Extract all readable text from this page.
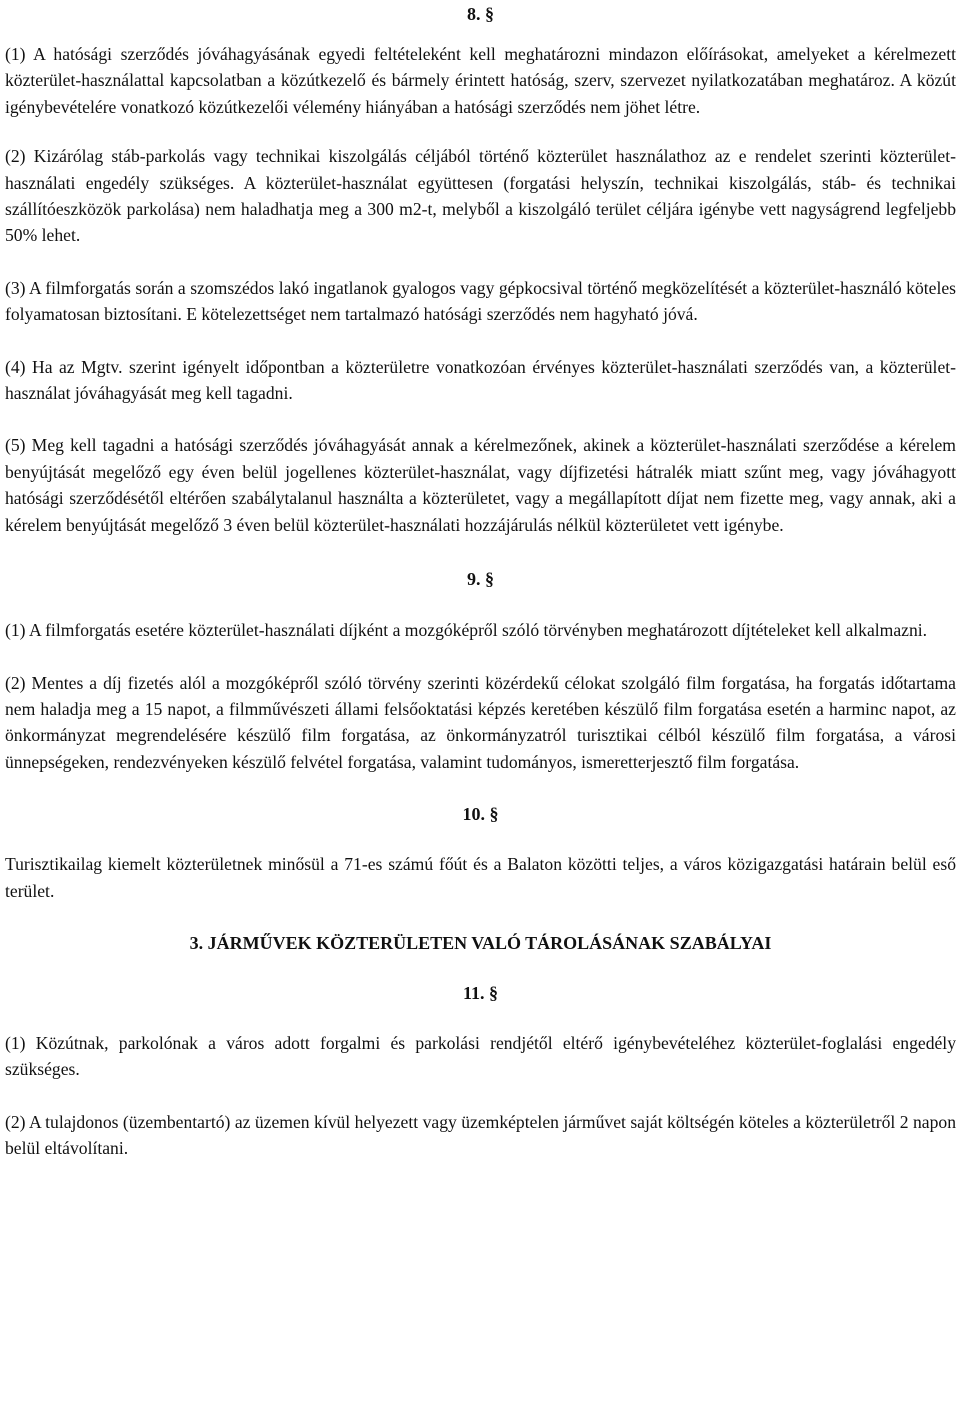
8. §

(1) A hatósági szerződés jóváhagyásának egyedi feltételeként kell meghatározni mindazon előírásokat, amelyeket a kérelmezett közterület-használattal kapcsolatban a közútkezelő és bármely érintett hatóság, szerv, szervezet nyilatkozatában meghatároz. A közút igénybevételére vonatkozó közútkezelői vélemény hiányában a hatósági szerződés nem jöhet létre.

(2) Kizárólag stáb-parkolás vagy technikai kiszolgálás céljából történő közterület használathoz az e rendelet szerinti közterület-használati engedély szükséges. A közterület-használat együttesen (forgatási helyszín, technikai kiszolgálás, stáb- és technikai szállítóeszközök parkolása) nem haladhatja meg a 300 m2-t, melyből a kiszolgáló terület céljára igénybe vett nagyságrend legfeljebb 50% lehet.

(3) A filmforgatás során a szomszédos lakó ingatlanok gyalogos vagy gépkocsival történő megközelítését a közterület-használó köteles folyamatosan biztosítani. E kötelezettséget nem tartalmazó hatósági szerződés nem hagyható jóvá.

(4) Ha az Mgtv. szerint igényelt időpontban a közterületre vonatkozóan érvényes közterület-használati szerződés van, a közterület-használat jóváhagyását meg kell tagadni.

(5) Meg kell tagadni a hatósági szerződés jóváhagyását annak a kérelmezőnek, akinek a közterület-használati szerződése a kérelem benyújtását megelőző egy éven belül jogellenes közterület-használat, vagy díjfizetési hátralék miatt szűnt meg, vagy jóváhagyott hatósági szerződésétől eltérően szabálytalanul használta a közterületet, vagy a megállapított díjat nem fizette meg, vagy annak, aki a kérelem benyújtását megelőző 3 éven belül közterület-használati hozzájárulás nélkül közterületet vett igénybe.

9. §

(1) A filmforgatás esetére közterület-használati díjként a mozgóképről szóló törvényben meghatározott díjtételeket kell alkalmazni.

(2) Mentes a díj fizetés alól a mozgóképről szóló törvény szerinti közérdekű célokat szolgáló film forgatása, ha forgatás időtartama nem haladja meg a 15 napot, a filmművészeti állami felsőoktatási képzés keretében készülő film forgatása esetén a harminc napot, az önkormányzat megrendelésére készülő film forgatása, az önkormányzatról turisztikai célból készülő film forgatása, a városi ünnepségeken, rendezvényeken készülő felvétel forgatása, valamint tudományos, ismeretterjesztő film forgatása.

10. §

Turisztikailag kiemelt közterületnek minősül a 71-es számú főút és a Balaton közötti teljes, a város közigazgatási határain belül eső terület.

3. JÁRMŰVEK KÖZTERÜLETEN VALÓ TÁROLÁSÁNAK SZABÁLYAI

11. §

(1) Közútnak, parkolónak a város adott forgalmi és parkolási rendjétől eltérő igénybevételéhez közterület-foglalási engedély szükséges.

(2) A tulajdonos (üzembentartó) az üzemen kívül helyezett vagy üzemképtelen járművet saját költségén köteles a közterületről 2 napon belül eltávolítani.
